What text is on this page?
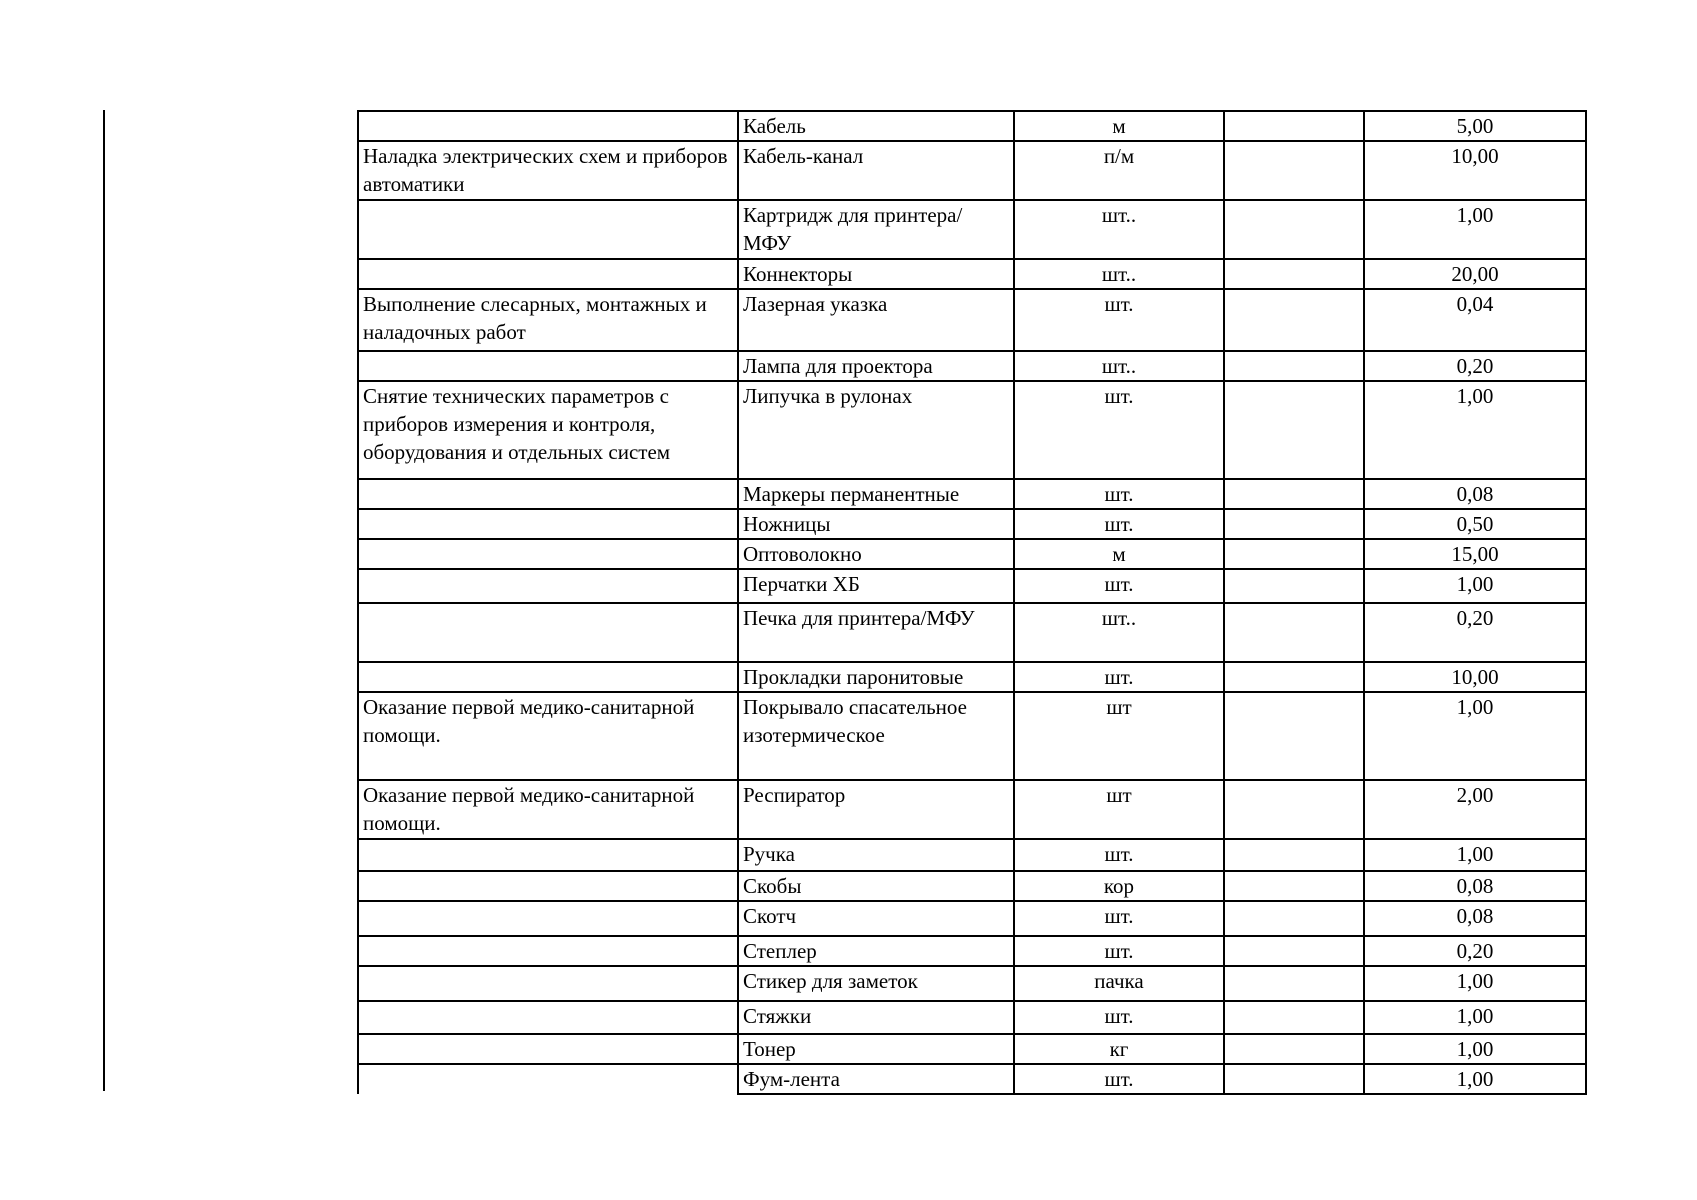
	Кабель	м		5,00
Наладка электрических схем и приборов автоматики	Кабель-канал	п/м		10,00
	Картридж для принтера/МФУ	шт..		1,00
	Коннекторы	шт..		20,00
Выполнение слесарных, монтажных и наладочных работ	Лазерная указка	шт.		0,04
	Лампа для проектора	шт..		0,20
Снятие технических параметров с приборов измерения и контроля, оборудования и отдельных систем	Липучка в рулонах	шт.		1,00
	Маркеры перманентные	шт.		0,08
	Ножницы	шт.		0,50
	Оптоволокно	м		15,00
	Перчатки ХБ	шт.		1,00
	Печка для принтера/МФУ	шт..		0,20
	Прокладки паронитовые	шт.		10,00
Оказание первой медико-санитарной помощи.	Покрывало спасательное изотермическое	шт		1,00
Оказание первой медико-санитарной помощи.	Респиратор	шт		2,00
	Ручка	шт.		1,00
	Скобы	кор		0,08
	Скотч	шт.		0,08
	Степлер	шт.		0,20
	Стикер для заметок	пачка		1,00
	Стяжки	шт.		1,00
	Тонер	кг		1,00
	Фум-лента	шт.		1,00
